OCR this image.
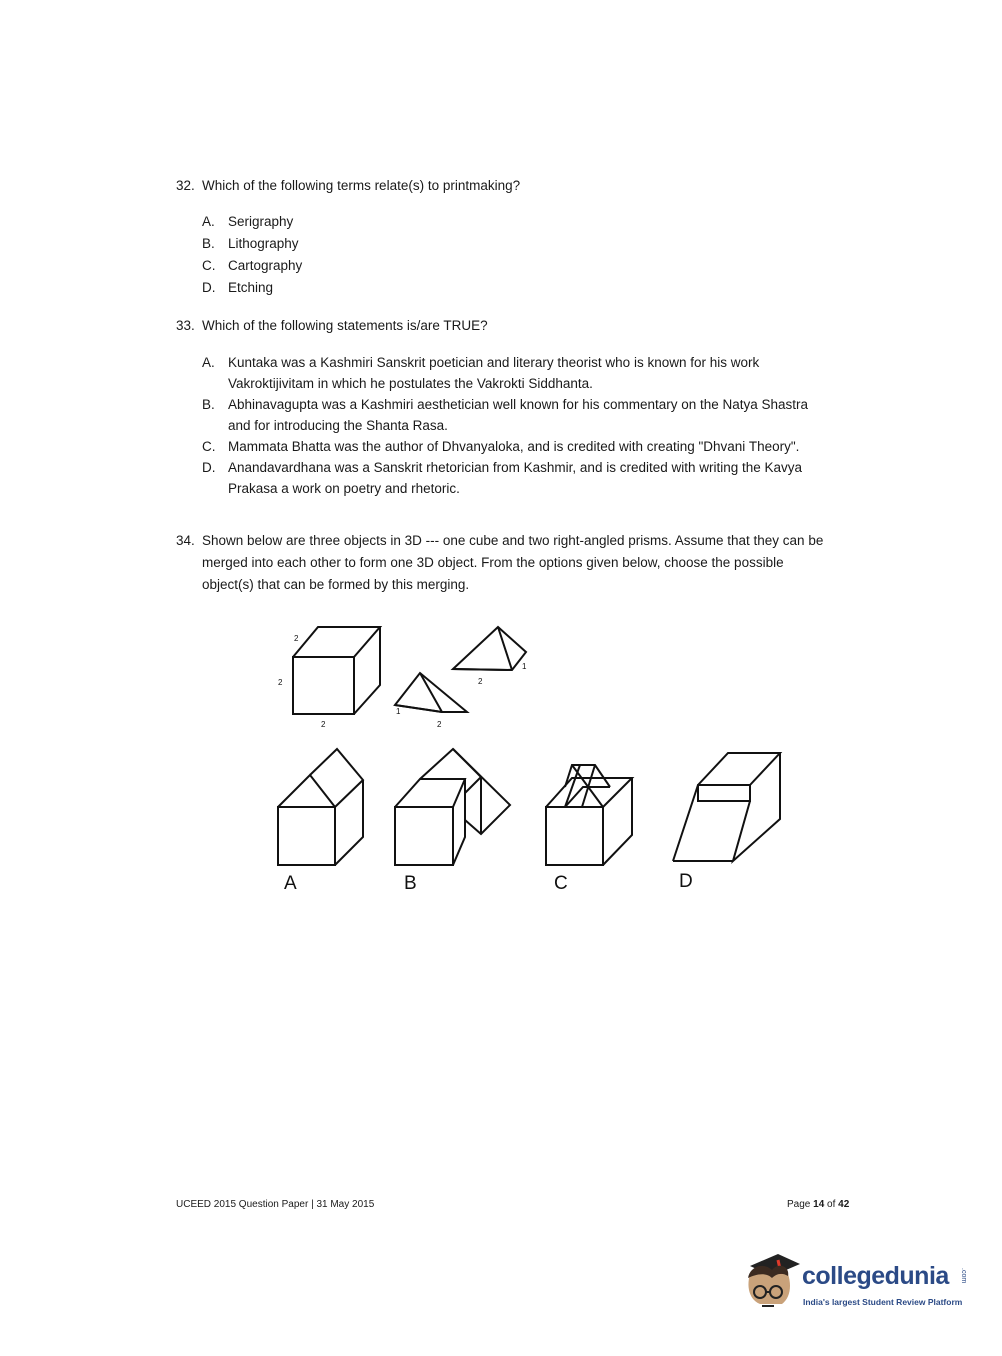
32. Which of the following terms relate(s) to printmaking?
A. Serigraphy
B. Lithography
C. Cartography
D. Etching
33. Which of the following statements is/are TRUE?
A. Kuntaka was a Kashmiri Sanskrit poetician and literary theorist who is known for his work Vakroktijivitam in which he postulates the Vakrokti Siddhanta.
B. Abhinavagupta was a Kashmiri aesthetician well known for his commentary on the Natya Shastra and for introducing the Shanta Rasa.
C. Mammata Bhatta was the author of Dhvanyaloka, and is credited with creating "Dhvani Theory".
D. Anandavardhana was a Sanskrit rhetorician from Kashmir, and is credited with writing the Kavya Prakasa a work on poetry and rhetoric.
34. Shown below are three objects in 3D --- one cube and two right-angled prisms. Assume that they can be merged into each other to form one 3D object. From the options given below, choose the possible object(s) that can be formed by this merging.
2
2
2
1
2
1
2
A	B	C	D
UCEED 2015 Question Paper | 31 May 2015	Page 14 of 42
collegedunia .com
India's largest Student Review Platform
